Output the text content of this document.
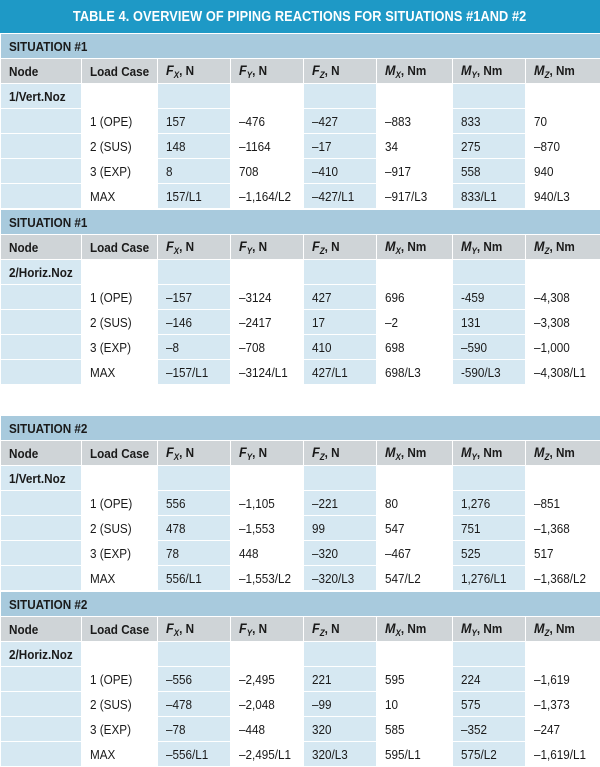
TABLE 4. OVERVIEW OF PIPING REACTIONS FOR SITUATIONS #1AND #2
SITUATION #1							
Node	Load Case	$F_X$, N	$F_Y$, N	$F_Z$, N	$M_X$, Nm	$M_Y$, Nm	$M_Z$, Nm
1/Vert.Noz							
	1 (OPE)	157	–476	–427	–883	833	70
	2 (SUS)	148	–1164	–17	34	275	–870
	3 (EXP)	8	708	–410	–917	558	940
	MAX	157/L1	–1,164/L2	–427/L1	–917/L3	833/L1	940/L3
SITUATION #1							
Node	Load Case	$F_X$, N	$F_Y$, N	$F_Z$, N	$M_X$, Nm	$M_Y$, Nm	$M_Z$, Nm
2/Horiz.Noz							
	1 (OPE)	–157	–3124	427	696	-459	–4,308
	2 (SUS)	–146	–2417	17	–2	131	–3,308
	3 (EXP)	–8	–708	410	698	–590	–1,000
	MAX	–157/L1	–3124/L1	427/L1	698/L3	-590/L3	–4,308/L1
SITUATION #2							
Node	Load Case	$F_X$, N	$F_Y$, N	$F_Z$, N	$M_X$, Nm	$M_Y$, Nm	$M_Z$, Nm
1/Vert.Noz							
	1 (OPE)	556	–1,105	–221	80	1,276	–851
	2 (SUS)	478	–1,553	99	547	751	–1,368
	3 (EXP)	78	448	–320	–467	525	517
	MAX	556/L1	–1,553/L2	–320/L3	547/L2	1,276/L1	–1,368/L2
SITUATION #2							
Node	Load Case	$F_X$, N	$F_Y$, N	$F_Z$, N	$M_X$, Nm	$M_Y$, Nm	$M_Z$, Nm
2/Horiz.Noz							
	1 (OPE)	–556	–2,495	221	595	224	–1,619
	2 (SUS)	–478	–2,048	–99	10	575	–1,373
	3 (EXP)	–78	–448	320	585	–352	–247
	MAX	–556/L1	–2,495/L1	320/L3	595/L1	575/L2	–1,619/L1
